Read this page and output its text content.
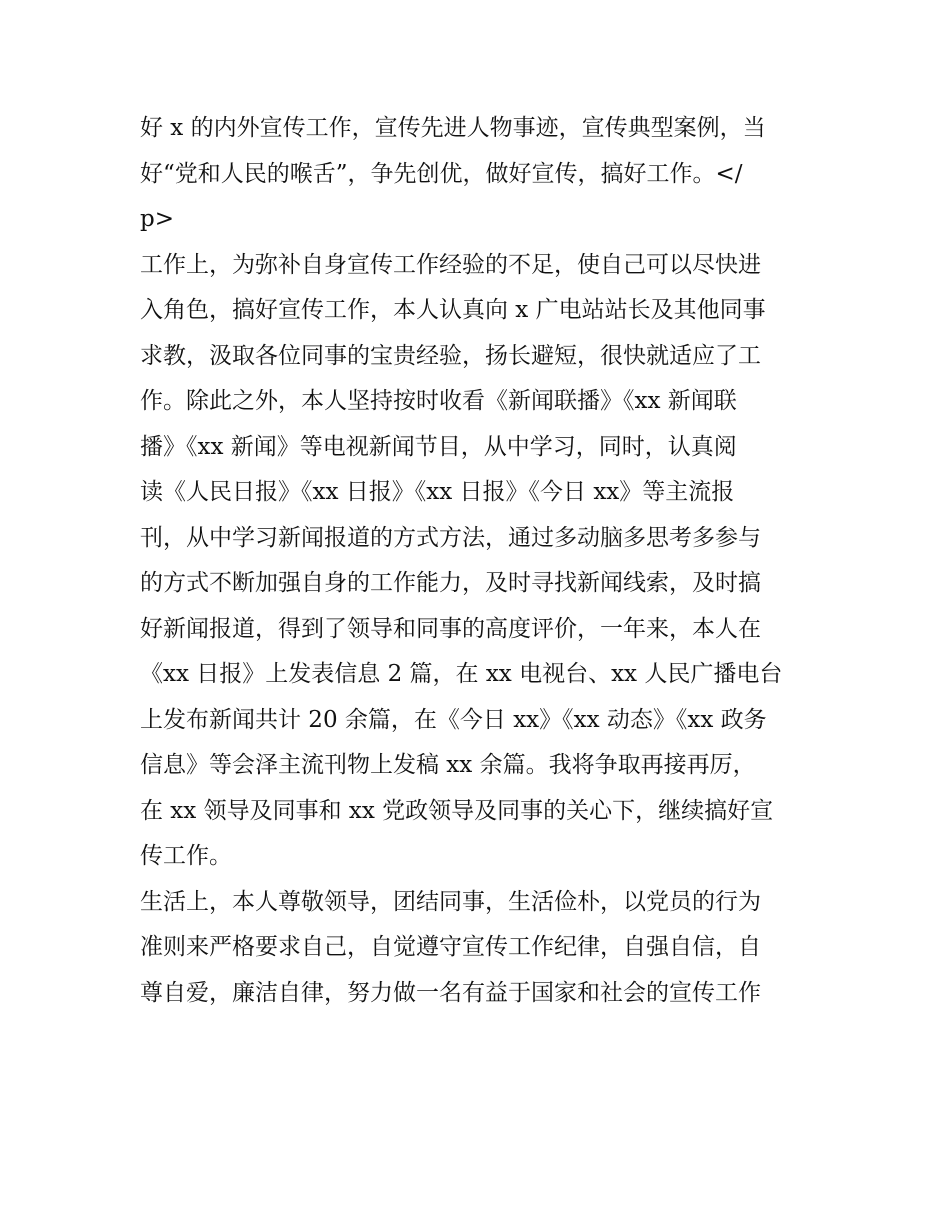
好 x 的内外宣传工作，宣传先进人物事迹，宣传典型案例，当
好“党和人民的喉舌”，争先创优，做好宣传，搞好工作。</
p>
工作上，为弥补自身宣传工作经验的不足，使自己可以尽快进
入角色，搞好宣传工作，本人认真向 x 广电站站长及其他同事
求教，汲取各位同事的宝贵经验，扬长避短，很快就适应了工
作。除此之外，本人坚持按时收看《新闻联播》《xx 新闻联
播》《xx 新闻》等电视新闻节目，从中学习，同时，认真阅
读《人民日报》《xx 日报》《xx 日报》《今日 xx》等主流报
刊，从中学习新闻报道的方式方法，通过多动脑多思考多参与
的方式不断加强自身的工作能力，及时寻找新闻线索，及时搞
好新闻报道，得到了领导和同事的高度评价，一年来，本人在
《xx 日报》上发表信息 2 篇，在 xx 电视台、xx 人民广播电台
上发布新闻共计 20 余篇，在《今日 xx》《xx 动态》《xx 政务
信息》等会泽主流刊物上发稿 xx 余篇。我将争取再接再厉，
在 xx 领导及同事和 xx 党政领导及同事的关心下，继续搞好宣
传工作。
生活上，本人尊敬领导，团结同事，生活俭朴，以党员的行为
准则来严格要求自己，自觉遵守宣传工作纪律，自强自信，自
尊自爱，廉洁自律，努力做一名有益于国家和社会的宣传工作
